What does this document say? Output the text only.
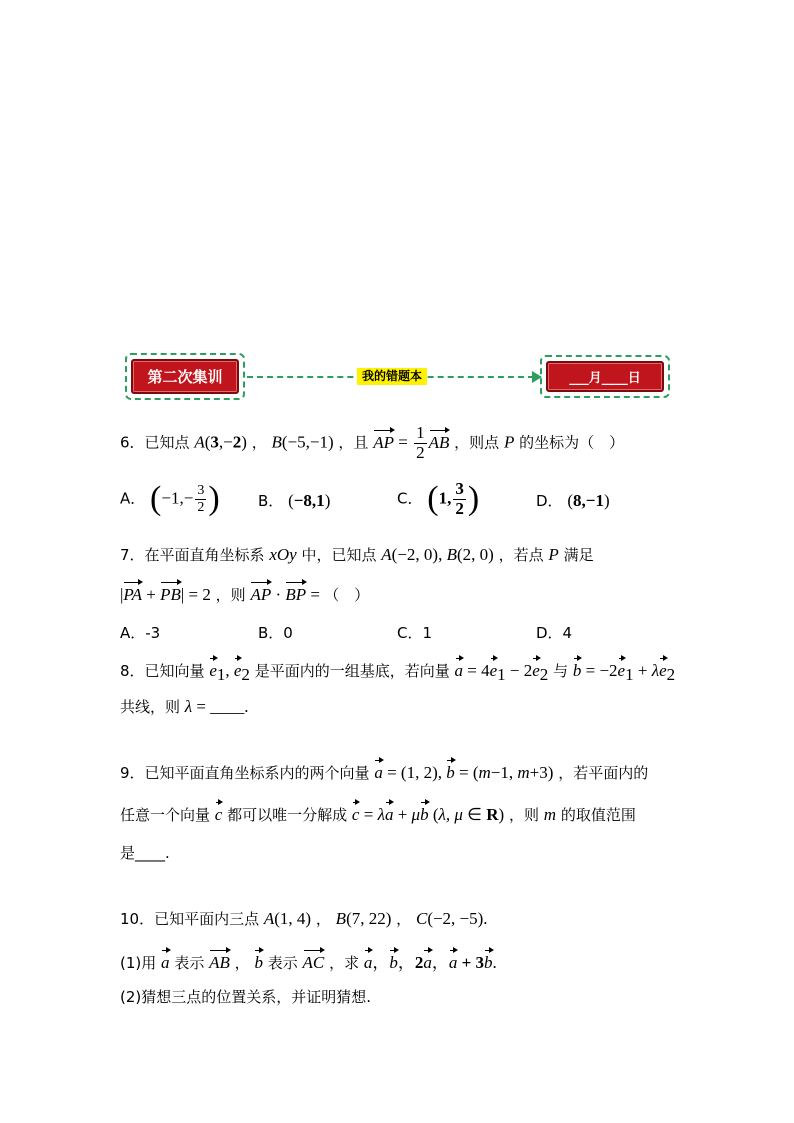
第二次集训	我的错题本	___月____日
6．已知点 A(3,−2) ， B(−5,−1) ，且 AP = $\frac{1}{2}$ AB ，则点 P 的坐标为（　）
A． ($-1,- \frac{3}{2}$ )	B． (−8,1)	C． (1, $\frac{3}{2}$ )	D． (8,−1)
7．在平面直角坐标系 xOy 中，已知点 A(−2, 0), B(2, 0) ，若点 P 满足
|PA + PB| = 2 ，则 AP · BP = （　）
A．-3	B．0	C．1	D．4
8．已知向量 $e_1$, $e_2$ 是平面内的一组基底，若向量 $a = 4e_1 - 2e_2$ 与 $b = -2e_1 + \lambda e_2$
共线，则 λ = ____.
9．已知平面直角坐标系内的两个向量 a = (1, 2), b = (m−1, m+3) ，若平面内的
任意一个向量 c 都可以唯一分解成 c = λa + μb (λ, μ ∈ R) ，则 m 的取值范围
是____.
10．已知平面内三点 A(1, 4) ， B(7, 22) ， C(−2, −5).
(1)用 a 表示 AB ， b 表示 AC ，求 a，b，2a，a + 3b.
(2)猜想三点的位置关系，并证明猜想.
